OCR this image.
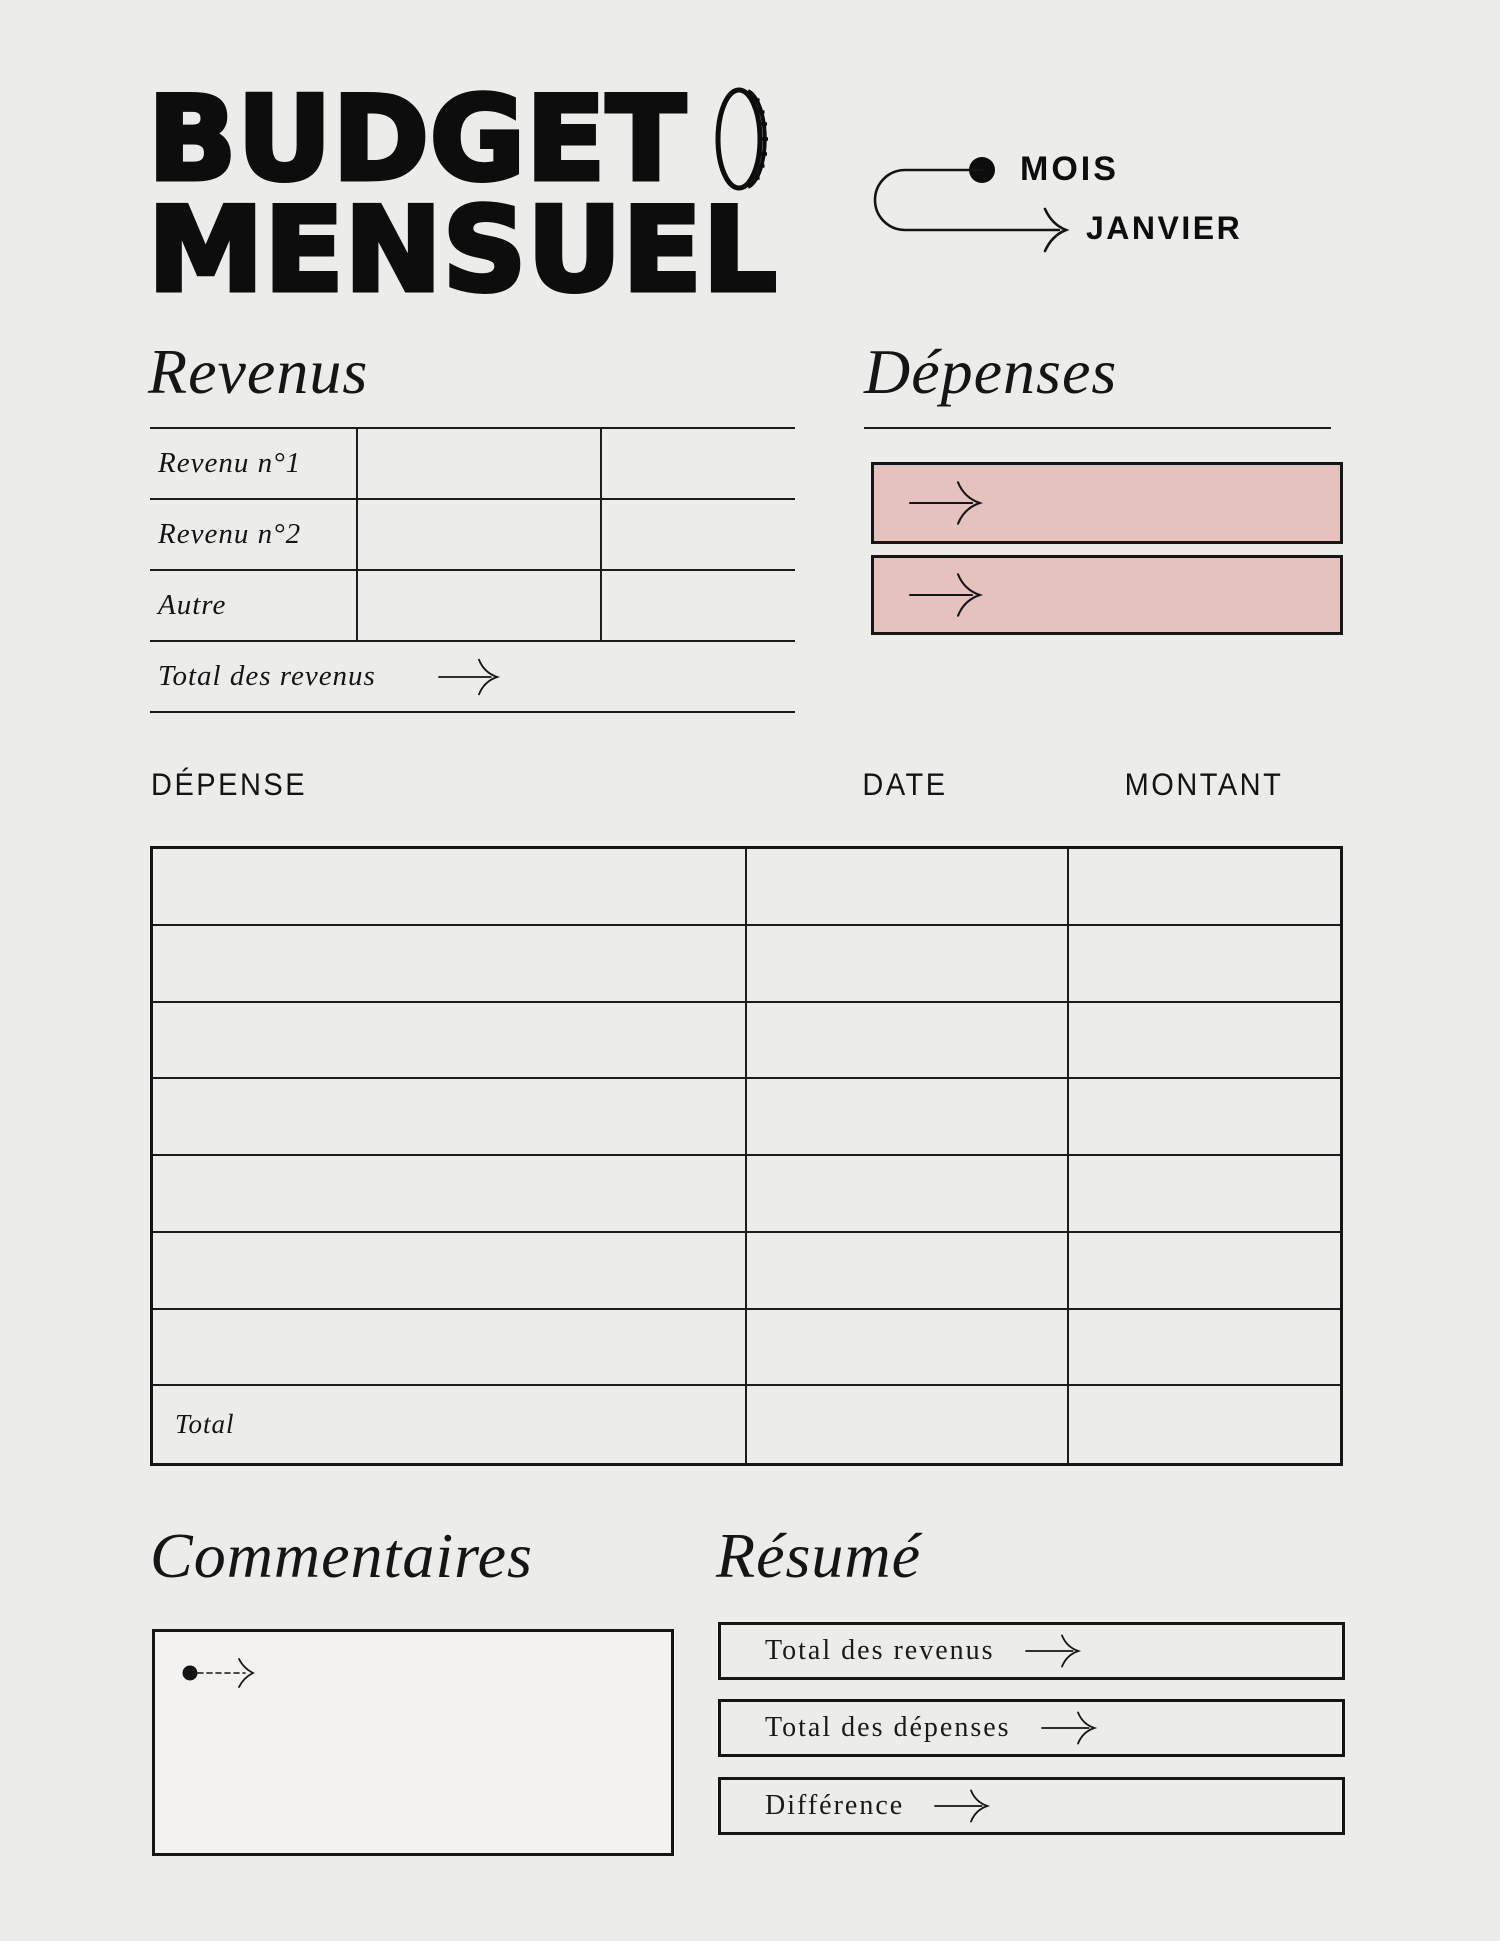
BUDGET
MENSUEL
MOIS
JANVIER
Revenus
Revenu n°1
Revenu n°2
Autre
Total des revenus
Dépenses
DÉPENSE	DATE	MONTANT
Total
Commentaires	Résumé
Total des revenus
Total des dépenses
Différence
